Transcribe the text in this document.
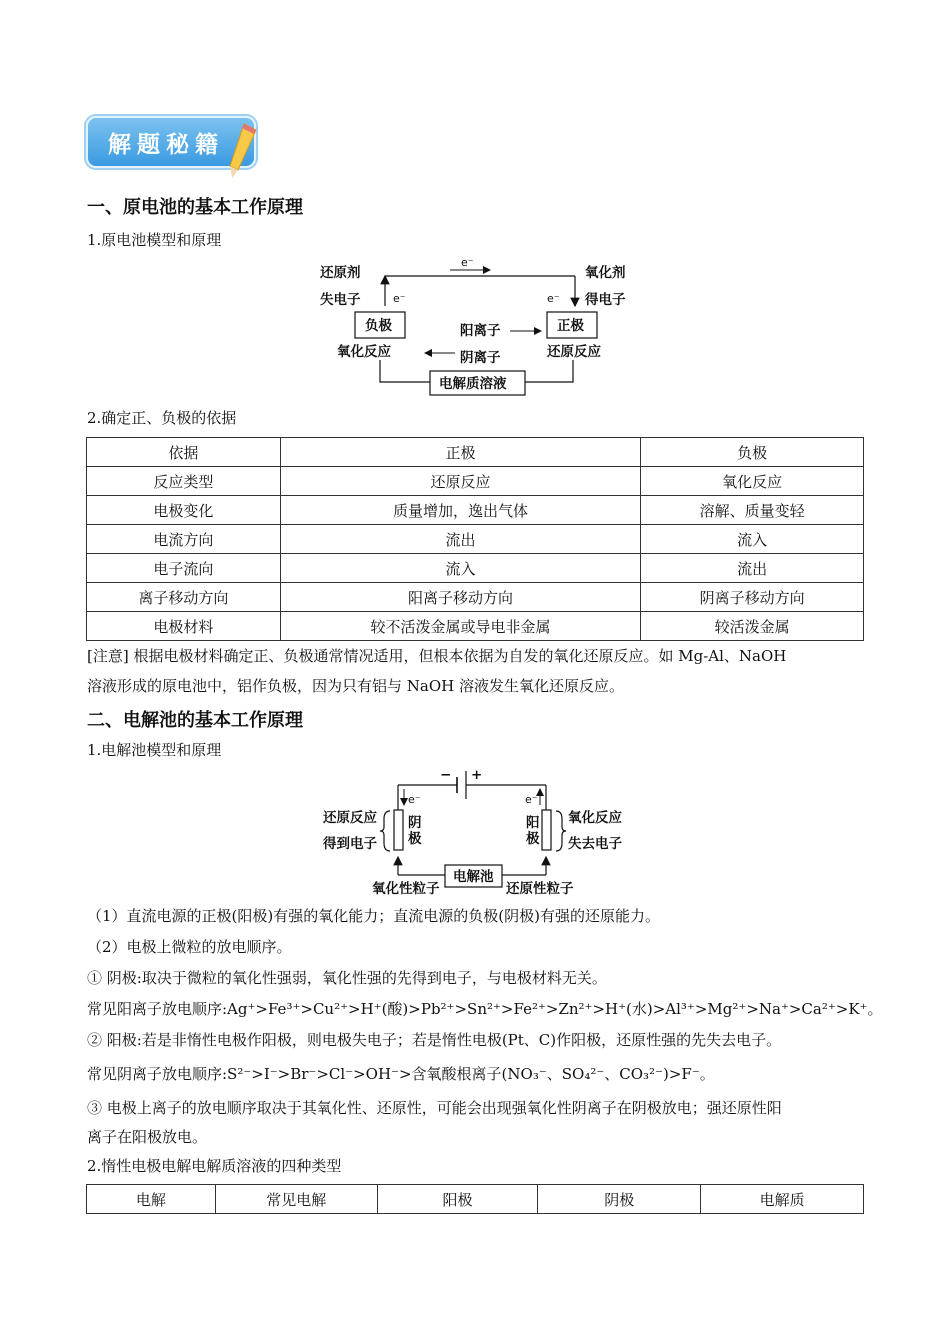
解题秘籍
一、原电池的基本工作原理
1.原电池模型和原理
e⁻
e⁻	e⁻
还原剂
失电子
氧化剂
得电子
负极	正极
氧化反应	还原反应
阳离子
阴离子
电解质溶液
2.确定正、负极的依据
依据	正极	负极
反应类型	还原反应	氧化反应
电极变化	质量增加，逸出气体	溶解、质量变轻
电流方向	流出	流入
电子流向	流入	流出
离子移动方向	阳离子移动方向	阴离子移动方向
电极材料	较不活泼金属或导电非金属	较活泼金属
[注意] 根据电极材料确定正、负极通常情况适用，但根本依据为自发的氧化还原反应。如 Mg-Al、NaOH
溶液形成的原电池中，铝作负极，因为只有铝与 NaOH 溶液发生氧化还原反应。
二、电解池的基本工作原理
1.电解池模型和原理
− +
e⁻	e⁻
阴
极
阳
极
还原反应
得到电子
氧化反应
失去电子
电解池
氧化性粒子	还原性粒子
（1）直流电源的正极(阳极)有强的氧化能力；直流电源的负极(阴极)有强的还原能力。
（2）电极上微粒的放电顺序。
① 阴极:取决于微粒的氧化性强弱，氧化性强的先得到电子，与电极材料无关。
常见阳离子放电顺序:Ag⁺>Fe³⁺>Cu²⁺>H⁺(酸)>Pb²⁺>Sn²⁺>Fe²⁺>Zn²⁺>H⁺(水)>Al³⁺>Mg²⁺>Na⁺>Ca²⁺>K⁺。
② 阳极:若是非惰性电极作阳极，则电极失电子；若是惰性电极(Pt、C)作阳极，还原性强的先失去电子。
常见阴离子放电顺序:S²⁻>I⁻>Br⁻>Cl⁻>OH⁻>含氧酸根离子(NO₃⁻、SO₄²⁻、CO₃²⁻)>F⁻。
③ 电极上离子的放电顺序取决于其氧化性、还原性，可能会出现强氧化性阴离子在阴极放电；强还原性阳
离子在阳极放电。
2.惰性电极电解电解质溶液的四种类型
电解	常见电解	阳极	阴极	电解质
